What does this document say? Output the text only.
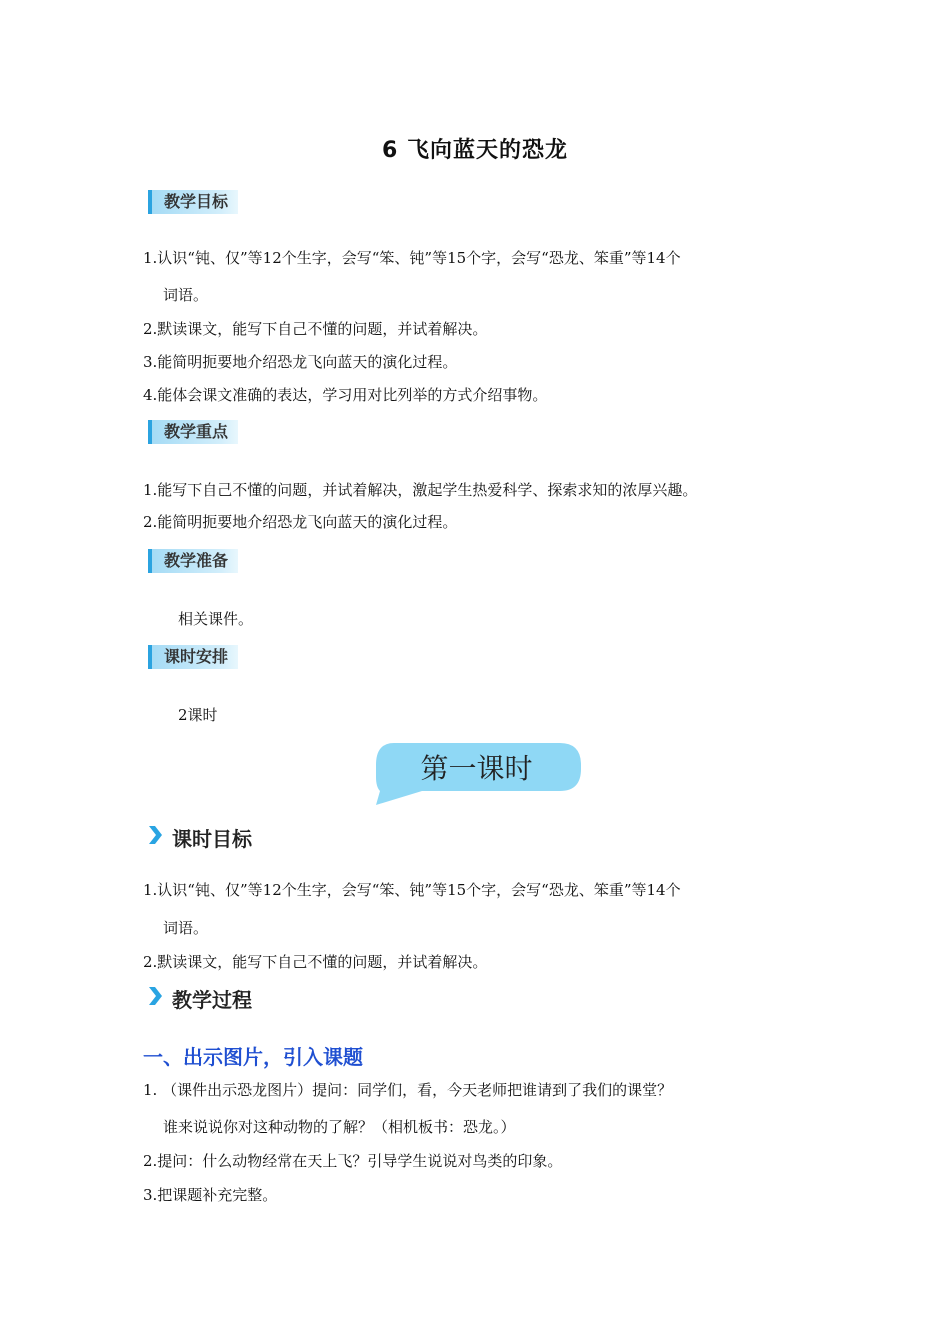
6 飞向蓝天的恐龙
教学目标
1.认识“钝、仅”等12个生字，会写“笨、钝”等15个字，会写“恐龙、笨重”等14个
词语。
2.默读课文，能写下自己不懂的问题，并试着解决。
3.能简明扼要地介绍恐龙飞向蓝天的演化过程。
4.能体会课文准确的表达，学习用对比列举的方式介绍事物。
教学重点
1.能写下自己不懂的问题，并试着解决，激起学生热爱科学、探索求知的浓厚兴趣。
2.能简明扼要地介绍恐龙飞向蓝天的演化过程。
教学准备
相关课件。
课时安排
2课时
第一课时
课时目标
1.认识“钝、仅”等12个生字，会写“笨、钝”等15个字，会写“恐龙、笨重”等14个
词语。
2.默读课文，能写下自己不懂的问题，并试着解决。
教学过程
一、出示图片，引入课题
1. （课件出示恐龙图片）提问：同学们，看，今天老师把谁请到了我们的课堂？
谁来说说你对这种动物的了解？（相机板书：恐龙。）
2.提问：什么动物经常在天上飞？引导学生说说对鸟类的印象。
3.把课题补充完整。
